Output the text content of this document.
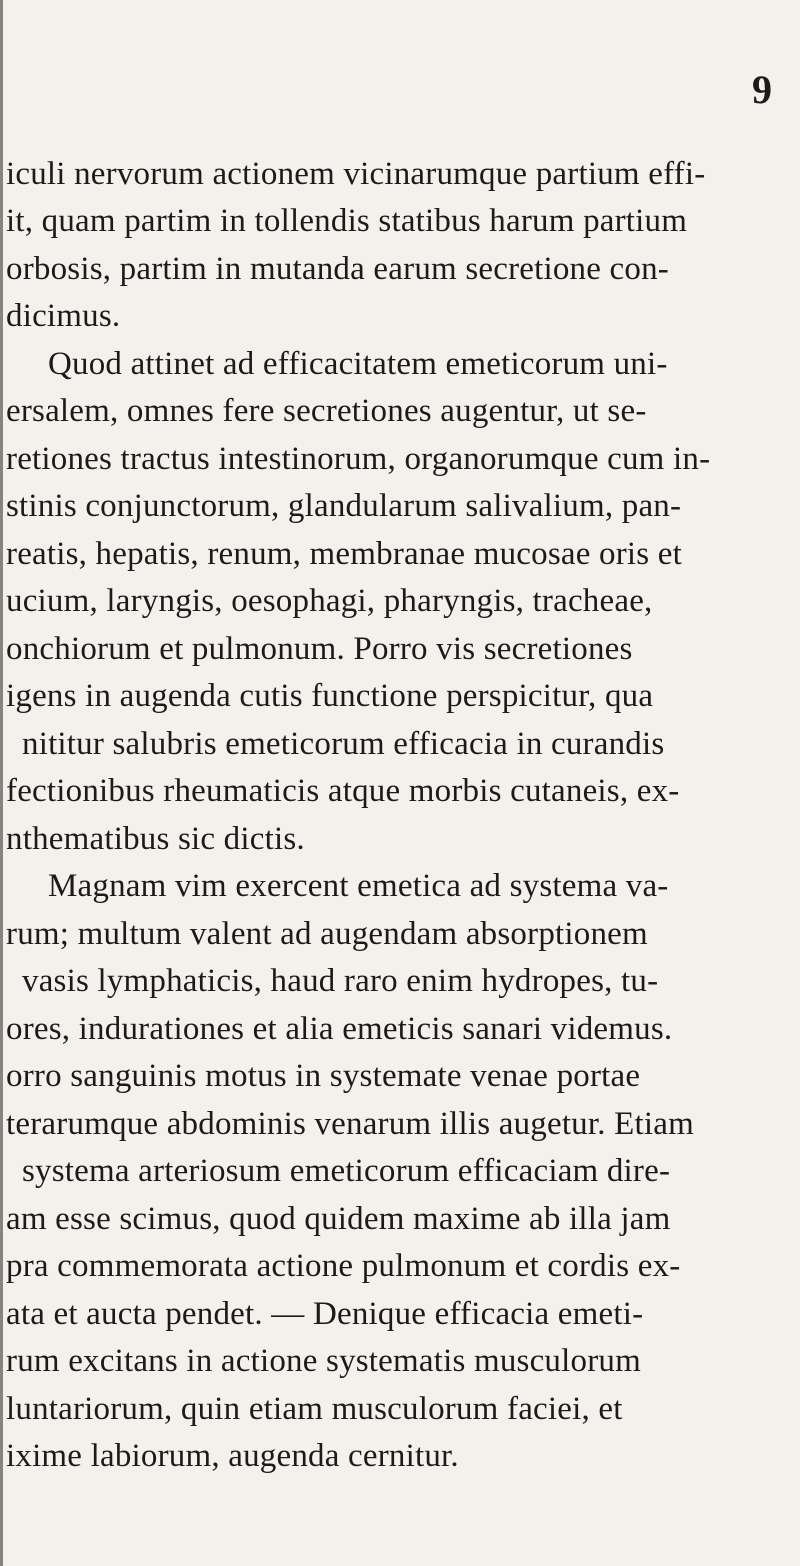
9
iculi nervorum actionem vicinarumque partium effi-
it, quam partim in tollendis statibus harum partium
orbosis, partim in mutanda earum secretione con-
dicimus.
Quod attinet ad efficacitatem emeticorum uni-
ersalem, omnes fere secretiones augentur, ut se-
retiones tractus intestinorum, organorumque cum in-
stinis conjunctorum, glandularum salivalium, pan-
reatis, hepatis, renum, membranae mucosae oris et
ucium, laryngis, oesophagi, pharyngis, tracheae,
onchiorum et pulmonum. Porro vis secretiones
igens in augenda cutis functione perspicitur, qua
nititur salubris emeticorum efficacia in curandis
fectionibus rheumaticis atque morbis cutaneis, ex-
nthematibus sic dictis.
Magnam vim exercent emetica ad systema va-
rum; multum valent ad augendam absorptionem
vasis lymphaticis, haud raro enim hydropes, tu-
ores, indurationes et alia emeticis sanari videmus.
orro sanguinis motus in systemate venae portae
terarumque abdominis venarum illis augetur. Etiam
systema arteriosum emeticorum efficaciam dire-
am esse scimus, quod quidem maxime ab illa jam
pra commemorata actione pulmonum et cordis ex-
ata et aucta pendet. — Denique efficacia emeti-
rum excitans in actione systematis musculorum
luntariorum, quin etiam musculorum faciei, et
ixime labiorum, augenda cernitur.
